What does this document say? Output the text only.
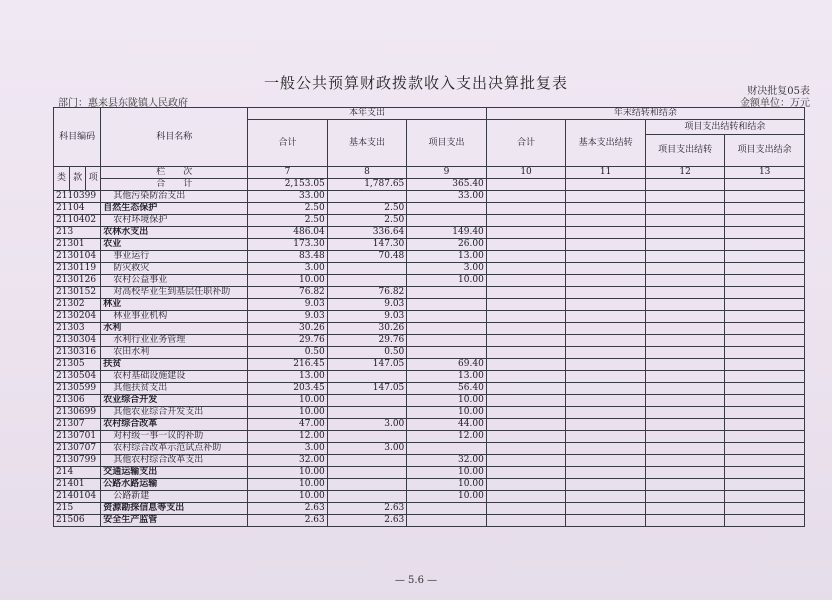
一般公共预算财政拨款收入支出决算批复表	财决批复05表
金额单位：万元
部门：惠来县东陇镇人民政府
科目编码			科目名称	本年支出			年末结转和结余			
				合计	基本支出	项目支出	合计	基本支出结转	项目支出结转和结余	
									项目支出结转	项目支出结余
类	款	项	栏　　次	7	8	9	10	11	12	13
			合　　计	2,153.05	1,787.65	365.40				
2110399			其他污染防治支出	33.00		33.00				
21104			自然生态保护	2.50	2.50					
2110402			农村环境保护	2.50	2.50					
213			农林水支出	486.04	336.64	149.40				
21301			农业	173.30	147.30	26.00				
2130104			事业运行	83.48	70.48	13.00				
2130119			防灾救灾	3.00		3.00				
2130126			农村公益事业	10.00		10.00				
2130152			对高校毕业生到基层任职补助	76.82	76.82					
21302			林业	9.03	9.03					
2130204			林业事业机构	9.03	9.03					
21303			水利	30.26	30.26					
2130304			水利行业业务管理	29.76	29.76					
2130316			农田水利	0.50	0.50					
21305			扶贫	216.45	147.05	69.40				
2130504			农村基础设施建设	13.00		13.00				
2130599			其他扶贫支出	203.45	147.05	56.40				
21306			农业综合开发	10.00		10.00				
2130699			其他农业综合开发支出	10.00		10.00				
21307			农村综合改革	47.00	3.00	44.00				
2130701			对村级一事一议的补助	12.00		12.00				
2130707			农村综合改革示范试点补助	3.00	3.00					
2130799			其他农村综合改革支出	32.00		32.00				
214			交通运输支出	10.00		10.00				
21401			公路水路运输	10.00		10.00				
2140104			公路新建	10.00		10.00				
215			资源勘探信息等支出	2.63	2.63					
21506			安全生产监管	2.63	2.63					
— 5.6 —
